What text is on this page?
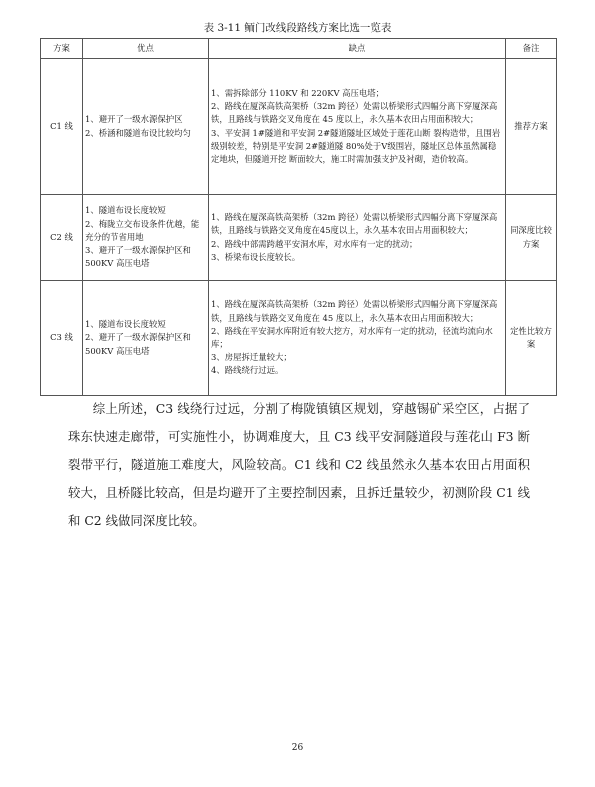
表 3-11 鲕门改线段路线方案比选一览表
方案	优点	缺点	备注
C1 线	1、避开了一级水源保护区
2、桥涵和隧道布设比较均匀	1、需拆除部分 110KV 和 220KV 高压电塔；
2、路线在厦深高铁高架桥（32m 跨径）处需以桥梁形式四幅分离下穿厦深高铁，且路线与铁路交叉角度在 45 度以上，永久基本农田占用面积较大；
3、平安洞 1#隧道和平安洞 2#隧道隧址区域处于莲花山断 裂构造带，且围岩级别较差，特别是平安洞 2#隧道隧 80%处于V级围岩，隧址区总体虽然属稳定地块，但隧道开挖 断面较大，施工时需加强支护及衬砌，造价较高。	推荐方案
C2 线	1、隧道布设长度较短
2、梅陇立交布设条件优越，能充分的节省用地
3、避开了一级水源保护区和 500KV 高压电塔	1、路线在厦深高铁高架桥（32m 跨径）处需以桥梁形式四幅分离下穿厦深高铁，且路线与铁路交叉角度在45度以上，永久基本农田占用面积较大；
2、路线中部需跨越平安洞水库，对水库有一定的扰动；
3、桥梁布设长度较长。	同深度比较方案
C3 线	1、隧道布设长度较短
2、避开了一级水源保护区和 500KV 高压电塔	1、路线在厦深高铁高架桥（32m 跨径）处需以桥梁形式四幅分离下穿厦深高铁，且路线与铁路交叉角度在 45 度以上，永久基本农田占用面积较大；
2、路线在平安洞水库附近有较大挖方，对水库有一定的扰动，径流均流向水库；
3、房屋拆迁量较大；
4、路线绕行过远。	定性比较方案

综上所述，C3 线绕行过远，分割了梅陇镇镇区规划，穿越锡矿采空区，占据了珠东快速走廊带，可实施性小，协调难度大，且 C3 线平安洞隧道段与莲花山 F3 断裂带平行，隧道施工难度大，风险较高。C1 线和 C2 线虽然永久基本农田占用面积较大，且桥隧比较高，但是均避开了主要控制因素，且拆迁量较少，初测阶段 C1 线和 C2 线做同深度比较。

26
